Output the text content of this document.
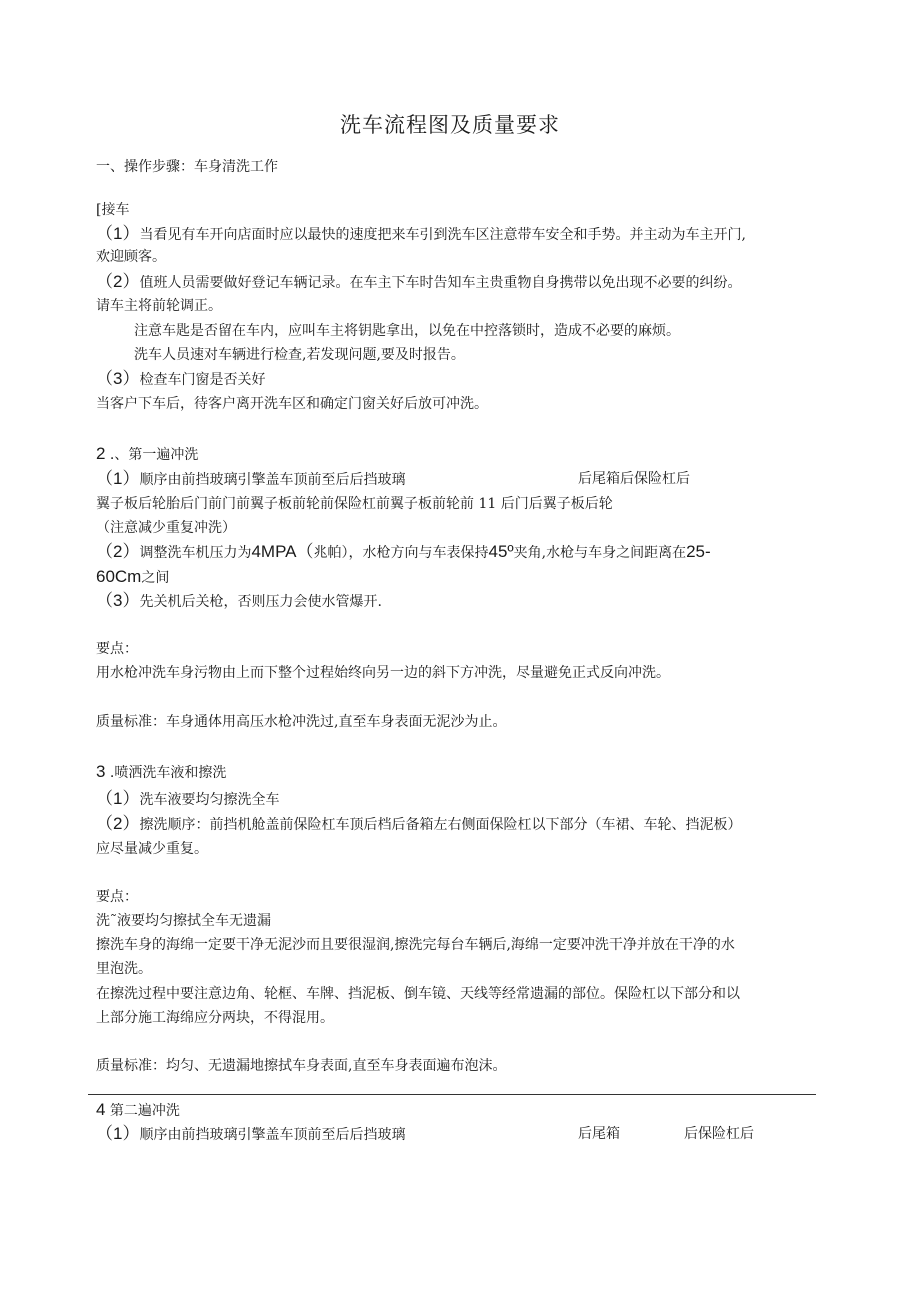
洗车流程图及质量要求
一、操作步骤：车身清洗工作
[接车
（1）当看见有车开向店面时应以最快的速度把来车引到洗车区注意带车安全和手势。并主动为车主开门,
欢迎顾客。
（2）值班人员需要做好登记车辆记录。在车主下车时告知车主贵重物自身携带以免出现不必要的纠纷。
请车主将前轮调正。
注意车匙是否留在车内，应叫车主将钥匙拿出，以免在中控落锁时，造成不必要的麻烦。
洗车人员速对车辆进行检查,若发现问题,要及时报告。
（3）检查车门窗是否关好
当客户下车后，待客户离开洗车区和确定门窗关好后放可冲洗。
2 .、第一遍冲洗
（1）顺序由前挡玻璃引擎盖车顶前至后后挡玻璃	后尾箱后保险杠后
翼子板后轮胎后门前门前翼子板前轮前保险杠前翼子板前轮前 11 后门后翼子板后轮
（注意减少重复冲洗）
（2）调整洗车机压力为4MPA（兆帕），水枪方向与车表保持45º夹角,水枪与车身之间距离在25-
60Cm之间
（3）先关机后关枪，否则压力会使水管爆开.
要点：
用水枪冲洗车身污物由上而下整个过程始终向另一边的斜下方冲洗，尽量避免正式反向冲洗。
质量标准：车身通体用高压水枪冲洗过,直至车身表面无泥沙为止。
3 .喷洒洗车液和擦洗
（1）洗车液要均匀擦洗全车
（2）擦洗顺序：前挡机舱盖前保险杠车顶后档后备箱左右侧面保险杠以下部分（车裙、车轮、挡泥板）
应尽量减少重复。
要点：
洗˜液要均匀擦拭全车无遗漏
擦洗车身的海绵一定要干净无泥沙而且要很湿润,擦洗完每台车辆后,海绵一定要冲洗干净并放在干净的水
里泡洗。
在擦洗过程中要注意边角、轮框、车牌、挡泥板、倒车镜、天线等经常遗漏的部位。保险杠以下部分和以
上部分施工海绵应分两块，不得混用。
质量标准：均匀、无遗漏地擦拭车身表面,直至车身表面遍布泡沫。
4 第二遍冲洗
（1）顺序由前挡玻璃引擎盖车顶前至后后挡玻璃	后尾箱	后保险杠后
